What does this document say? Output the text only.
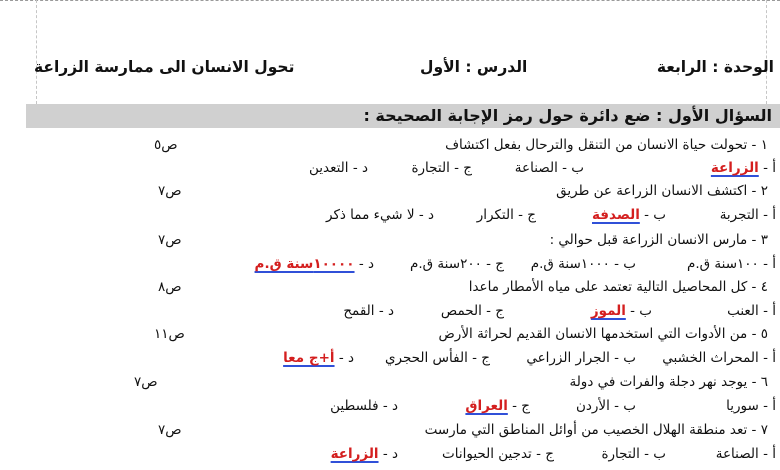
الوحدة : الرابعة
الدرس : الأول
تحول الانسان الى ممارسة الزراعة
السؤال الأول : ضع دائرة حول رمز الإجابة الصحيحة :
١ - تحولت حياة الانسان من التنقل والترحال بفعل اكتشاف
ص٥
أ - الزراعة
ب - الصناعة
ج - التجارة
د - التعدين
٢ - اكتشف الانسان الزراعة عن طريق
ص٧
أ - التجربة
ب - الصدفة
ج - التكرار
د - لا شيء مما ذكر
٣ - مارس الانسان الزراعة قبل حوالي :
ص٧
أ - ١٠٠سنة ق.م
ب - ١٠٠٠سنة ق.م
ج - ٢٠٠سنة ق.م
د - ١٠٠٠٠سنة ق.م
٤ - كل المحاصيل التالية تعتمد على مياه الأمطار ماعدا
ص٨
أ - العنب
ب - الموز
ج - الحمص
د - القمح
٥ - من الأدوات التي استخدمها الانسان القديم لحراثة الأرض
ص١١
أ - المحراث الخشبي
ب - الجرار الزراعي
ج - الفأس الحجري
د - أ+ج معا
٦ - يوجد نهر دجلة والفرات في دولة
ص٧
أ - سوريا
ب - الأردن
ج - العراق
د - فلسطين
٧ - تعد منطقة الهلال الخصيب من أوائل المناطق التي مارست
ص٧
أ - الصناعة
ب - التجارة
ج - تدجين الحيوانات
د - الزراعة
